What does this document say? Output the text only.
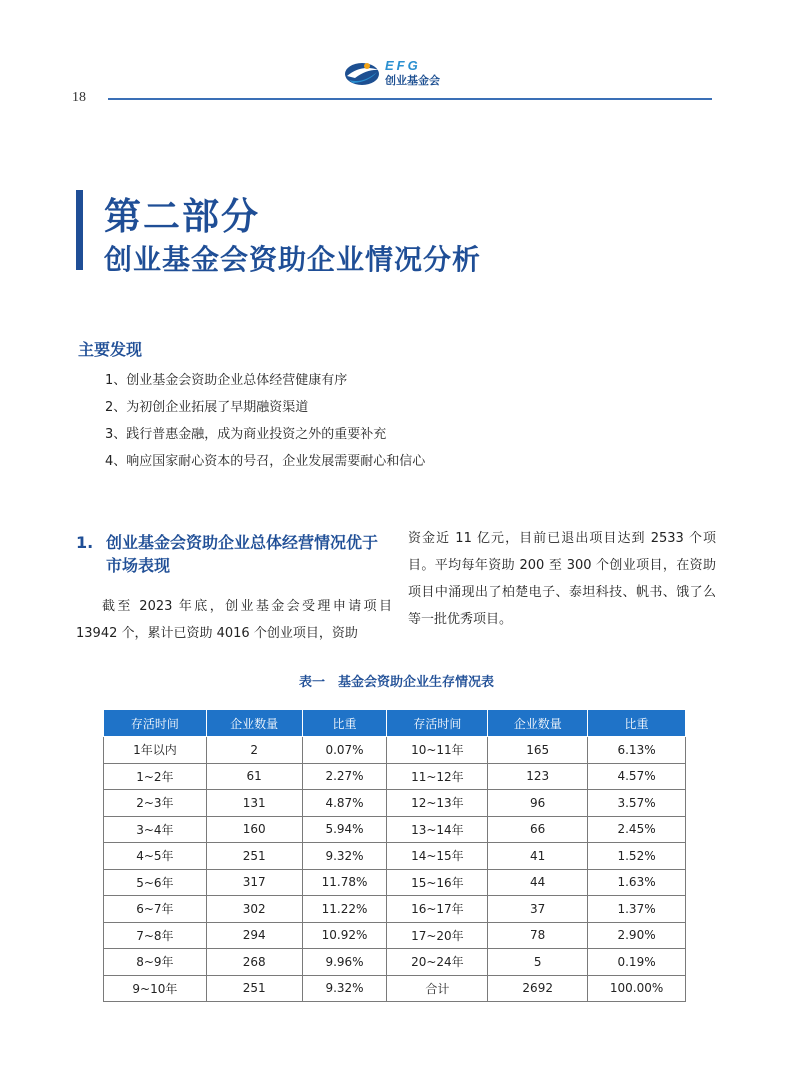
EFG
创业基金会
18
第二部分
创业基金会资助企业情况分析
主要发现
1、创业基金会资助企业总体经营健康有序
2、为初创企业拓展了早期融资渠道
3、践行普惠金融，成为商业投资之外的重要补充
4、响应国家耐心资本的号召，企业发展需要耐心和信心
1. 创业基金会资助企业总体经营情况优于市场表现

截至 2023 年底，创业基金会受理申请项目 13942 个，累计已资助 4016 个创业项目，资助

资金近 11 亿元，目前已退出项目达到 2533 个项目。平均每年资助 200 至 300 个创业项目，在资助项目中涌现出了柏楚电子、泰坦科技、帆书、饿了么等一批优秀项目。

表一　基金会资助企业生存情况表
存活时间	企业数量	比重	存活时间	企业数量	比重
1年以内	2	0.07%	10~11年	165	6.13%
1~2年	61	2.27%	11~12年	123	4.57%
2~3年	131	4.87%	12~13年	96	3.57%
3~4年	160	5.94%	13~14年	66	2.45%
4~5年	251	9.32%	14~15年	41	1.52%
5~6年	317	11.78%	15~16年	44	1.63%
6~7年	302	11.22%	16~17年	37	1.37%
7~8年	294	10.92%	17~20年	78	2.90%
8~9年	268	9.96%	20~24年	5	0.19%
9~10年	251	9.32%	合计	2692	100.00%
